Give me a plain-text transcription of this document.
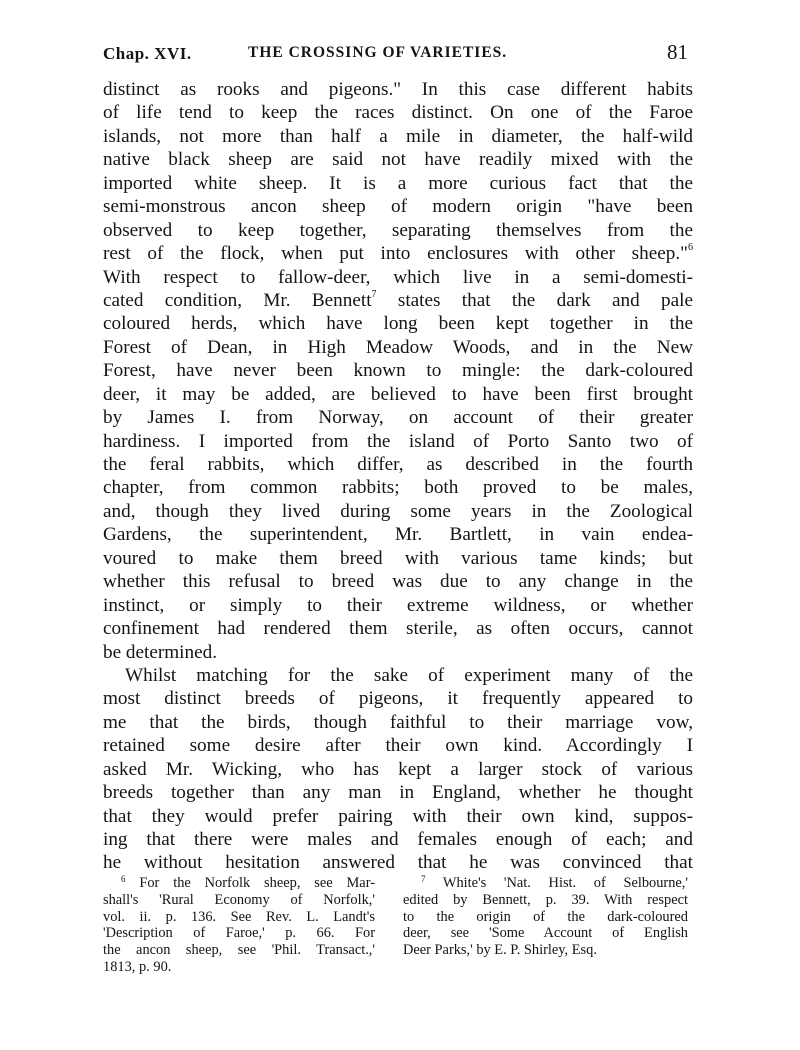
Chap. XVI.	THE CROSSING OF VARIETIES.	81
distinct as rooks and pigeons." In this case different habits
of life tend to keep the races distinct. On one of the Faroe
islands, not more than half a mile in diameter, the half-wild
native black sheep are said not have readily mixed with the
imported white sheep. It is a more curious fact that the
semi-monstrous ancon sheep of modern origin "have been
observed to keep together, separating themselves from the
rest of the flock, when put into enclosures with other sheep."$^6$
With respect to fallow-deer, which live in a semi-domesti-
cated condition, Mr. Bennett$^7$ states that the dark and pale
coloured herds, which have long been kept together in the
Forest of Dean, in High Meadow Woods, and in the New
Forest, have never been known to mingle: the dark-coloured
deer, it may be added, are believed to have been first brought
by James I. from Norway, on account of their greater
hardiness. I imported from the island of Porto Santo two of
the feral rabbits, which differ, as described in the fourth
chapter, from common rabbits; both proved to be males,
and, though they lived during some years in the Zoological
Gardens, the superintendent, Mr. Bartlett, in vain endea-
voured to make them breed with various tame kinds; but
whether this refusal to breed was due to any change in the
instinct, or simply to their extreme wildness, or whether
confinement had rendered them sterile, as often occurs, cannot
be determined.
Whilst matching for the sake of experiment many of the
most distinct breeds of pigeons, it frequently appeared to
me that the birds, though faithful to their marriage vow,
retained some desire after their own kind. Accordingly I
asked Mr. Wicking, who has kept a larger stock of various
breeds together than any man in England, whether he thought
that they would prefer pairing with their own kind, suppos-
ing that there were males and females enough of each; and
he without hesitation answered that he was convinced that
$^6$ For the Norfolk sheep, see Mar-
shall's 'Rural Economy of Norfolk,'
vol. ii. p. 136. See Rev. L. Landt's
'Description of Faroe,' p. 66. For
the ancon sheep, see 'Phil. Transact.,'
1813, p. 90.
$^7$ White's 'Nat. Hist. of Selbourne,'
edited by Bennett, p. 39. With respect
to the origin of the dark-coloured
deer, see 'Some Account of English
Deer Parks,' by E. P. Shirley, Esq.
